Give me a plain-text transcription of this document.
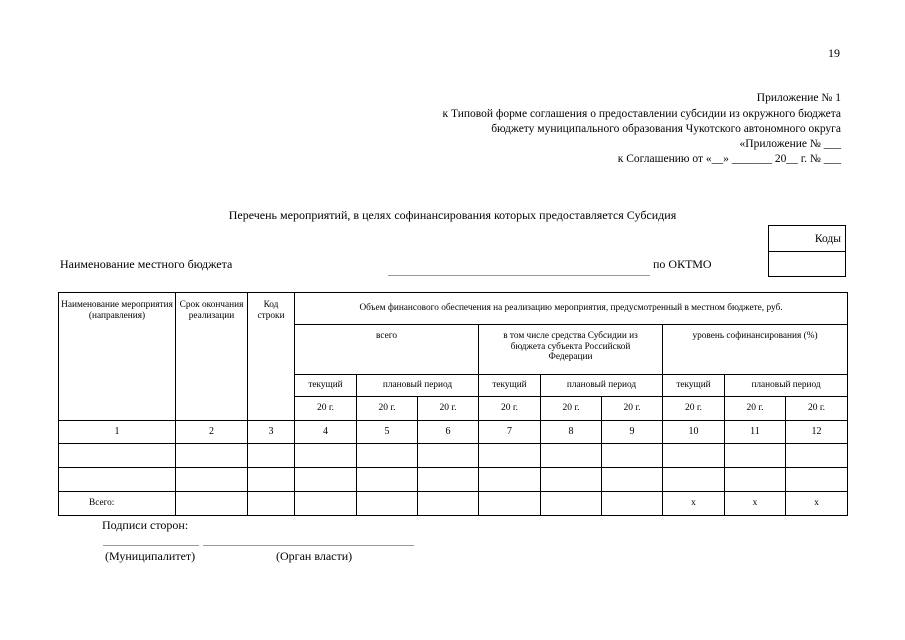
19
Приложение № 1
к Типовой форме соглашения о предоставлении субсидии из окружного бюджета
бюджету муниципального образования Чукотского автономного округа
«Приложение № ___
к Соглашению от «__» _______ 20__ г. № ___
Перечень мероприятий, в целях софинансирования которых предоставляется Субсидия
Коды
Наименование местного бюджета	по ОКТМО
Наименование мероприятия (направления)	Срок окончания реализации	Код строки	Объем финансового обеспечения на реализацию мероприятия, предусмотренный в местном бюджете, руб.								
			всего			в том числе средства Субсидии из бюджета субъекта Российской Федерации			уровень софинансирования (%)		
			текущий	плановый период		текущий	плановый период		текущий	плановый период	
			20 г.	20 г.	20 г.	20 г.	20 г.	20 г.	20 г.	20 г.	20 г.
1	2	3	4	5	6	7	8	9	10	11	12

Всего:									x	x	x
Подписи сторон:
(Муниципалитет)	(Орган власти)
